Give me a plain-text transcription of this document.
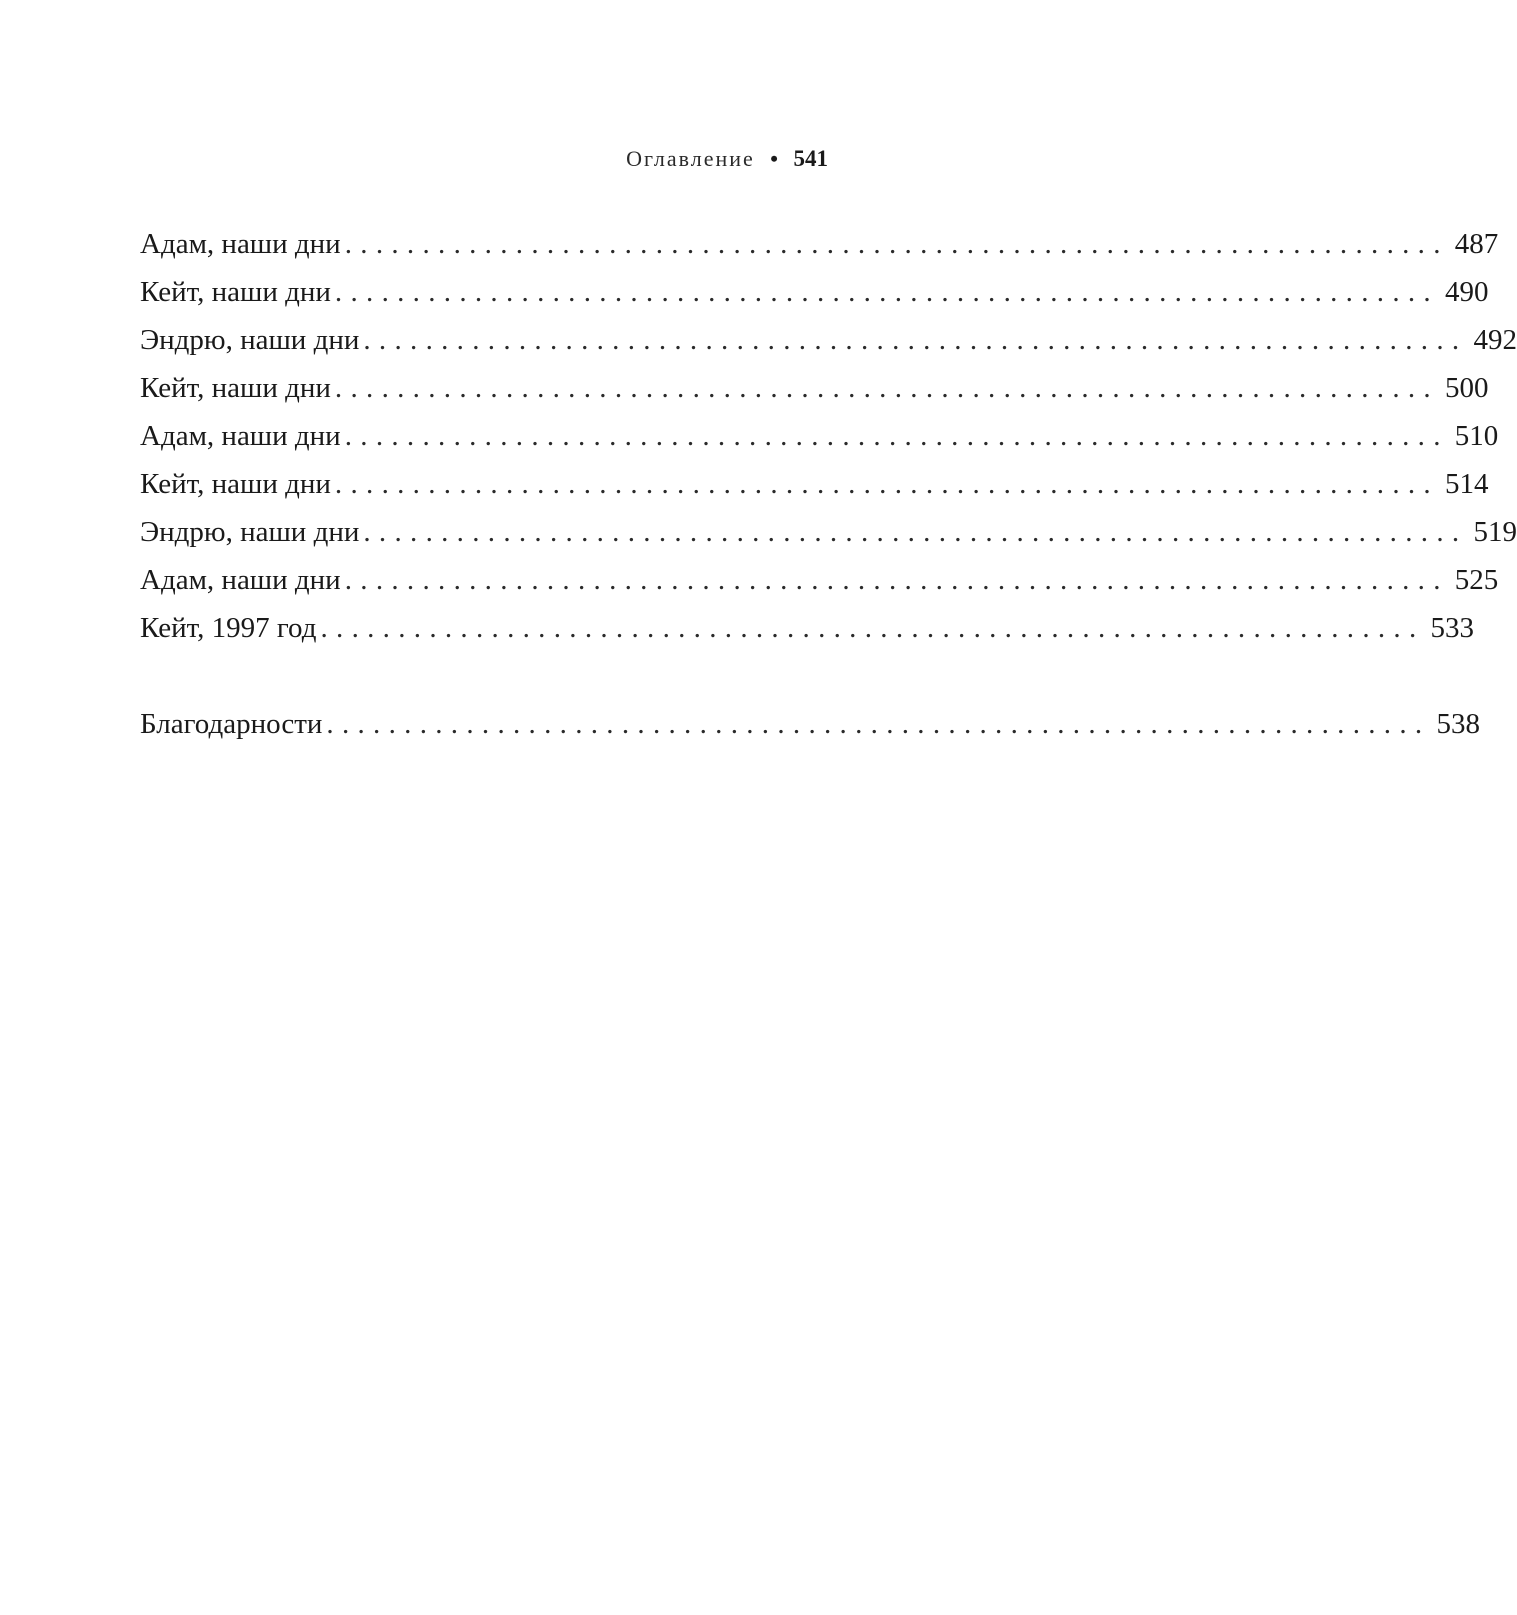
Оглавление • 541
Адам, наши дни ....................................................................... 487
Кейт, наши дни ....................................................................... 490
Эндрю, наши дни ....................................................................... 492
Кейт, наши дни ....................................................................... 500
Адам, наши дни ....................................................................... 510
Кейт, наши дни ....................................................................... 514
Эндрю, наши дни ....................................................................... 519
Адам, наши дни ....................................................................... 525
Кейт, 1997 год ....................................................................... 533
Благодарности ....................................................................... 538
